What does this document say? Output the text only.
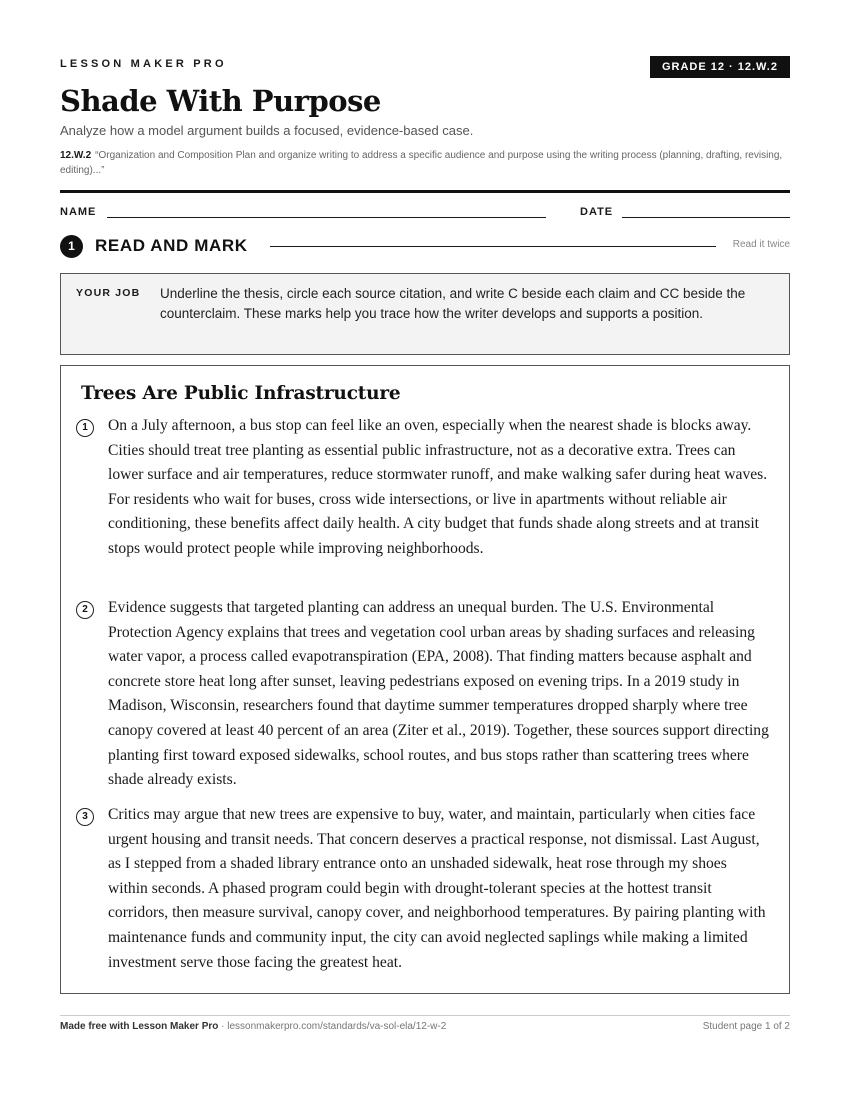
LESSON MAKER PRO	GRADE 12 · 12.W.2
Shade With Purpose
Analyze how a model argument builds a focused, evidence-based case.
12.W.2 “Organization and Composition Plan and organize writing to address a specific audience and purpose using the writing process (planning, drafting, revising, editing)...”
NAME	DATE
1	READ AND MARK	Read it twice
YOUR JOB Underline the thesis, circle each source citation, and write C beside each claim and CC beside the counterclaim. These marks help you trace how the writer develops and supports a position.
Trees Are Public Infrastructure
1	On a July afternoon, a bus stop can feel like an oven, especially when the nearest shade is blocks away. Cities should treat tree planting as essential public infrastructure, not as a decorative extra. Trees can lower surface and air temperatures, reduce stormwater runoff, and make walking safer during heat waves. For residents who wait for buses, cross wide intersections, or live in apartments without reliable air conditioning, these benefits affect daily health. A city budget that funds shade along streets and at transit stops would protect people while improving neighborhoods.
2	Evidence suggests that targeted planting can address an unequal burden. The U.S. Environmental Protection Agency explains that trees and vegetation cool urban areas by shading surfaces and releasing water vapor, a process called evapotranspiration (EPA, 2008). That finding matters because asphalt and concrete store heat long after sunset, leaving pedestrians exposed on evening trips. In a 2019 study in Madison, Wisconsin, researchers found that daytime summer temperatures dropped sharply where tree canopy covered at least 40 percent of an area (Ziter et al., 2019). Together, these sources support directing planting first toward exposed sidewalks, school routes, and bus stops rather than scattering trees where shade already exists.
3	Critics may argue that new trees are expensive to buy, water, and maintain, particularly when cities face urgent housing and transit needs. That concern deserves a practical response, not dismissal. Last August, as I stepped from a shaded library entrance onto an unshaded sidewalk, heat rose through my shoes within seconds. A phased program could begin with drought-tolerant species at the hottest transit corridors, then measure survival, canopy cover, and neighborhood temperatures. By pairing planting with maintenance funds and community input, the city can avoid neglected saplings while making a limited investment serve those facing the greatest heat.
Made free with Lesson Maker Pro · lessonmakerpro.com/standards/va-sol-ela/12-w-2	Student page 1 of 2
